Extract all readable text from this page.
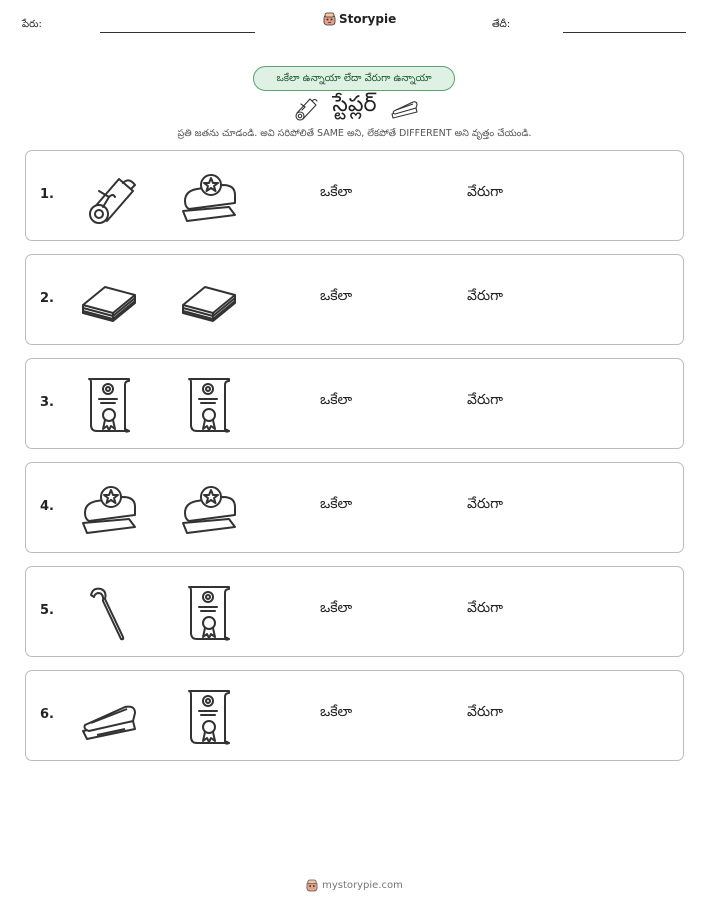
పేరు:	Storypie	తేదీ:
ఒకేలా ఉన్నాయా లేదా వేరుగా ఉన్నాయా
స్టేప్లర్
ప్రతి జతను చూడండి. అవి సరిపోలితే SAME అని, లేకపోతే DIFFERENT అని వృత్తం చేయండి.
1.	ఒకేలా	వేరుగా
2.	ఒకేలా	వేరుగా
3.	ఒకేలా	వేరుగా
4.	ఒకేలా	వేరుగా
5.	ఒకేలా	వేరుగా
6.	ఒకేలా	వేరుగా
mystorypie.com
